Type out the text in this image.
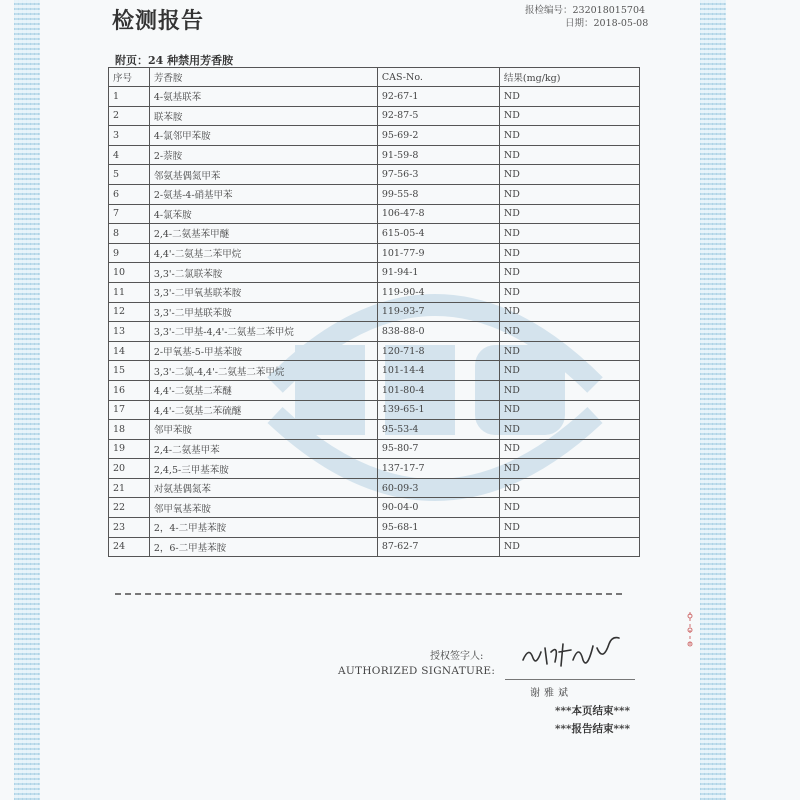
检测报告	报检编号：232018015704
日期：2018-05-08
附页：24 种禁用芳香胺
序号	芳香胺	CAS-No.	结果(mg/kg)
1	4-氨基联苯	92-67-1	ND
2	联苯胺	92-87-5	ND
3	4-氯邻甲苯胺	95-69-2	ND
4	2-萘胺	91-59-8	ND
5	邻氨基偶氮甲苯	97-56-3	ND
6	2-氨基-4-硝基甲苯	99-55-8	ND
7	4-氯苯胺	106-47-8	ND
8	2,4-二氨基苯甲醚	615-05-4	ND
9	4,4'-二氨基二苯甲烷	101-77-9	ND
10	3,3'-二氯联苯胺	91-94-1	ND
11	3,3'-二甲氧基联苯胺	119-90-4	ND
12	3,3'-二甲基联苯胺	119-93-7	ND
13	3,3'-二甲基-4,4'-二氨基二苯甲烷	838-88-0	ND
14	2-甲氧基-5-甲基苯胺	120-71-8	ND
15	3,3'-二氯-4,4'-二氨基二苯甲烷	101-14-4	ND
16	4,4'-二氨基二苯醚	101-80-4	ND
17	4,4'-二氨基二苯硫醚	139-65-1	ND
18	邻甲苯胺	95-53-4	ND
19	2,4-二氨基甲苯	95-80-7	ND
20	2,4,5-三甲基苯胺	137-17-7	ND
21	对氨基偶氮苯	60-09-3	ND
22	邻甲氧基苯胺	90-04-0	ND
23	2，4-二甲基苯胺	95-68-1	ND
24	2，6-二甲基苯胺	87-62-7	ND
授权签字人:
AUTHORIZED SIGNATURE:
谢雅斌
***本页结束***
***报告结束***
